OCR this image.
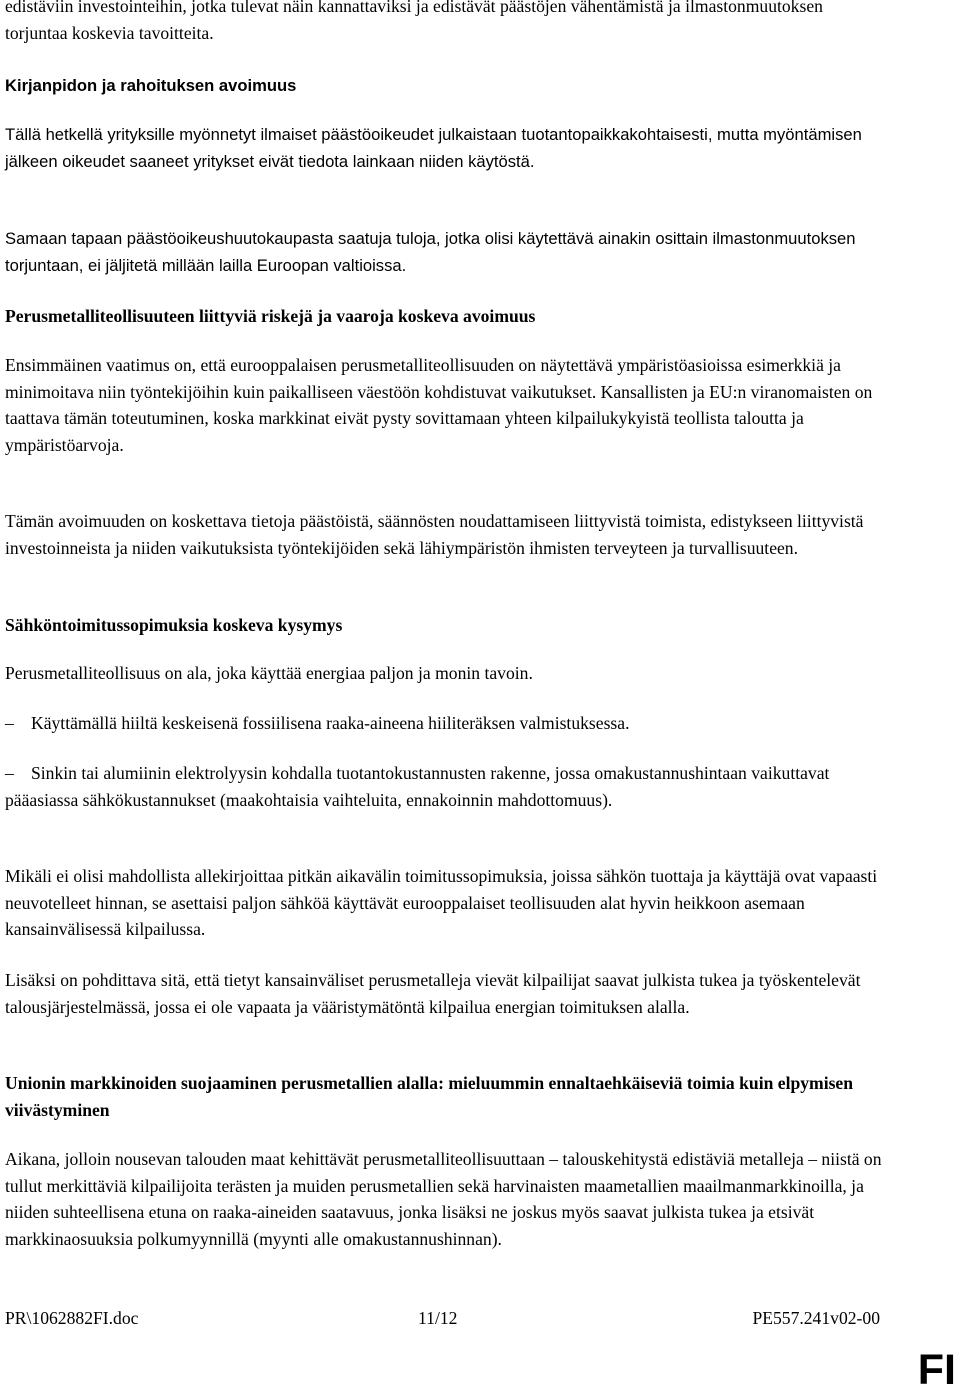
edistäviin investointeihin, jotka tulevat näin kannattaviksi ja edistävät päästöjen vähentämistä ja ilmastonmuutoksen torjuntaa koskevia tavoitteita.

Kirjanpidon ja rahoituksen avoimuus

Tällä hetkellä yrityksille myönnetyt ilmaiset päästöoikeudet julkaistaan tuotantopaikkakohtaisesti, mutta myöntämisen jälkeen oikeudet saaneet yritykset eivät tiedota lainkaan niiden käytöstä.

Samaan tapaan päästöoikeushuutokaupasta saatuja tuloja, jotka olisi käytettävä ainakin osittain ilmastonmuutoksen torjuntaan, ei jäljitetä millään lailla Euroopan valtioissa.

Perusmetalliteollisuuteen liittyviä riskejä ja vaaroja koskeva avoimuus

Ensimmäinen vaatimus on, että eurooppalaisen perusmetalliteollisuuden on näytettävä ympäristöasioissa esimerkkiä ja minimoitava niin työntekijöihin kuin paikalliseen väestöön kohdistuvat vaikutukset. Kansallisten ja EU:n viranomaisten on taattava tämän toteutuminen, koska markkinat eivät pysty sovittamaan yhteen kilpailukykyistä teollista taloutta ja ympäristöarvoja.

Tämän avoimuuden on koskettava tietoja päästöistä, säännösten noudattamiseen liittyvistä toimista, edistykseen liittyvistä investoinneista ja niiden vaikutuksista työntekijöiden sekä lähiympäristön ihmisten terveyteen ja turvallisuuteen.

Sähköntoimitussopimuksia koskeva kysymys

Perusmetalliteollisuus on ala, joka käyttää energiaa paljon ja monin tavoin.

– Käyttämällä hiiltä keskeisenä fossiilisena raaka-aineena hiiliteräksen valmistuksessa.

– Sinkin tai alumiinin elektrolyysin kohdalla tuotantokustannusten rakenne, jossa omakustannushintaan vaikuttavat pääasiassa sähkökustannukset (maakohtaisia vaihteluita, ennakoinnin mahdottomuus).

Mikäli ei olisi mahdollista allekirjoittaa pitkän aikavälin toimitussopimuksia, joissa sähkön tuottaja ja käyttäjä ovat vapaasti neuvotelleet hinnan, se asettaisi paljon sähköä käyttävät eurooppalaiset teollisuuden alat hyvin heikkoon asemaan kansainvälisessä kilpailussa.

Lisäksi on pohdittava sitä, että tietyt kansainväliset perusmetalleja vievät kilpailijat saavat julkista tukea ja työskentelevät talousjärjestelmässä, jossa ei ole vapaata ja vääristymätöntä kilpailua energian toimituksen alalla.

Unionin markkinoiden suojaaminen perusmetallien alalla: mieluummin ennaltaehkäiseviä toimia kuin elpymisen viivästyminen

Aikana, jolloin nousevan talouden maat kehittävät perusmetalliteollisuuttaan – talouskehitystä edistäviä metalleja – niistä on tullut merkittäviä kilpailijoita terästen ja muiden perusmetallien sekä harvinaisten maametallien maailmanmarkkinoilla, ja niiden suhteellisena etuna on raaka-aineiden saatavuus, jonka lisäksi ne joskus myös saavat julkista tukea ja etsivät markkinaosuuksia polkumyynnillä (myynti alle omakustannushinnan).

PR\1062882FI.doc	11/12	PE557.241v02-00
FI
